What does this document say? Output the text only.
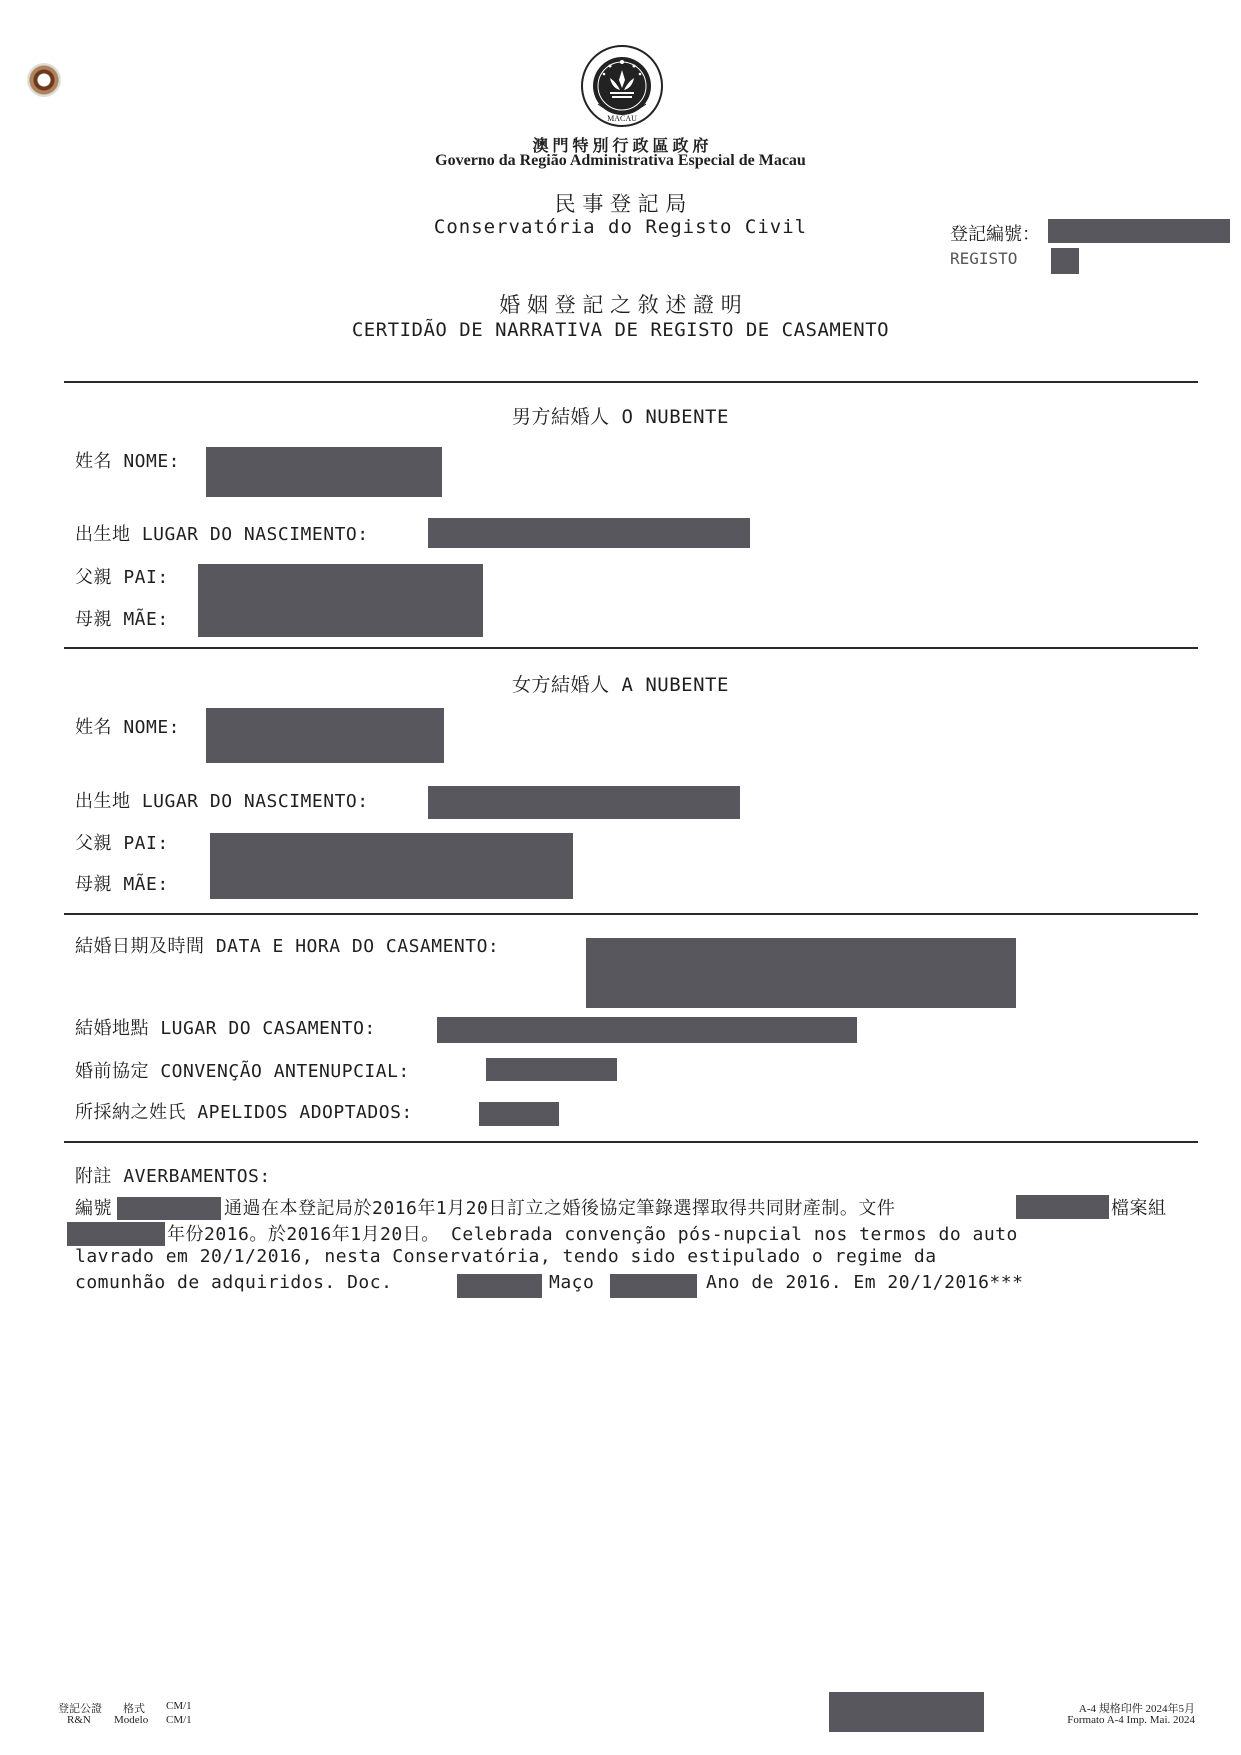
MACAU
澳 門 特 別 行 政 區 政 府
Governo da Região Administrativa Especial de Macau
民 事 登 記 局
Conservatória do Registo Civil	登記編號：
REGISTO
婚 姻 登 記 之 敘 述 證 明
CERTIDÃO DE NARRATIVA DE REGISTO DE CASAMENTO
男方結婚人 O NUBENTE
姓名 NOME:
出生地 LUGAR DO NASCIMENTO:
父親 PAI:
母親 MÃE:
女方結婚人 A NUBENTE
姓名 NOME:
出生地 LUGAR DO NASCIMENTO:
父親 PAI:
母親 MÃE:
結婚日期及時間 DATA E HORA DO CASAMENTO:
結婚地點 LUGAR DO CASAMENTO:
婚前協定 CONVENÇÃO ANTENUPCIAL:
所採納之姓氏 APELIDOS ADOPTADOS:
附註 AVERBAMENTOS:
編號	通過在本登記局於2016年1月20日訂立之婚後協定筆錄選擇取得共同財產制。文件	檔案組
年份2016。於2016年1月20日。 Celebrada convenção pós-nupcial nos termos do auto
lavrado em 20/1/2016, nesta Conservatória, tendo sido estipulado o regime da
comunhão de adquiridos. Doc.	Maço	Ano de 2016. Em 20/1/2016***
登記公證 格式 CM/1
R&N Modelo CM/1
A-4 規格印件 2024年5月
Formato A-4 Imp. Mai. 2024
